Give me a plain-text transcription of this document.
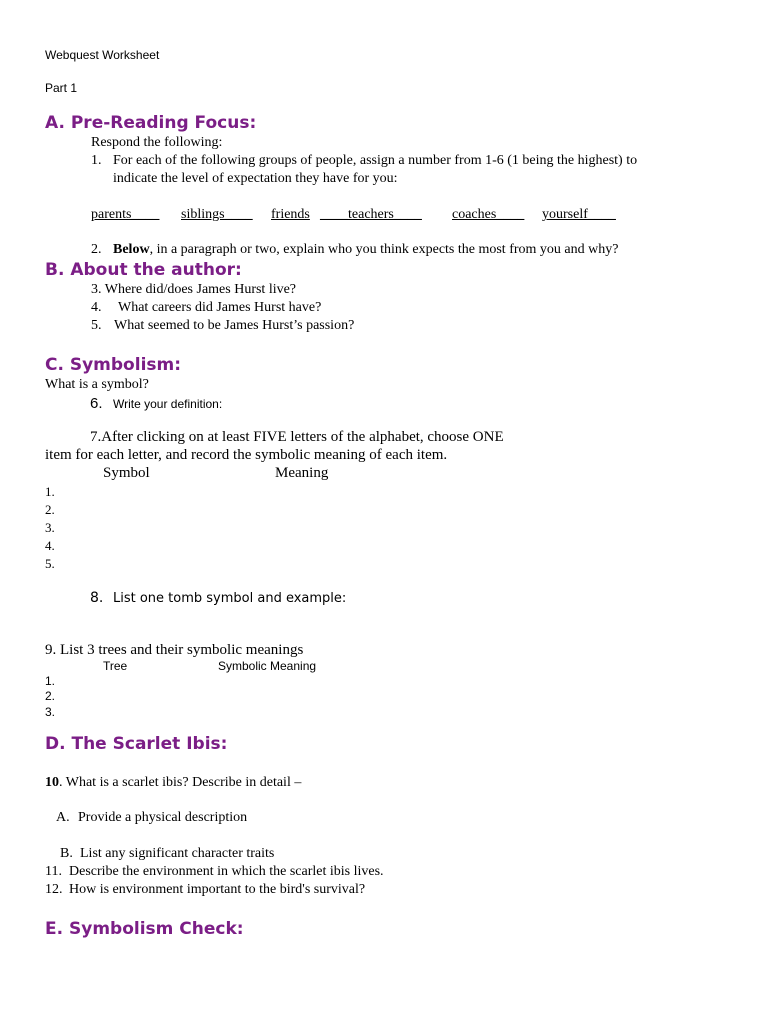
Webquest Worksheet
Part 1
A. Pre-Reading Focus:
Respond the following:
1. For each of the following groups of people, assign a number from 1-6 (1 being the highest) to
indicate the level of expectation they have for you:
parents____ siblings____ friends ____teachers____ coaches____ yourself____
2. Below, in a paragraph or two, explain who you think expects the most from you and why?
B. About the author:
3. Where did/does James Hurst live?
4. What careers did James Hurst have?
5. What seemed to be James Hurst’s passion?
C. Symbolism:
What is a symbol?
6. Write your definition:
7.After clicking on at least FIVE letters of the alphabet, choose ONE
item for each letter, and record the symbolic meaning of each item.
Symbol	Meaning
1.
2.
3.
4.
5.
8. List one tomb symbol and example:
9. List 3 trees and their symbolic meanings
Tree	Symbolic Meaning
1.
2.
3.
D. The Scarlet Ibis:
10. What is a scarlet ibis? Describe in detail –
A. Provide a physical description
B. List any significant character traits
11. Describe the environment in which the scarlet ibis lives.
12. How is environment important to the bird's survival?
E. Symbolism Check:
